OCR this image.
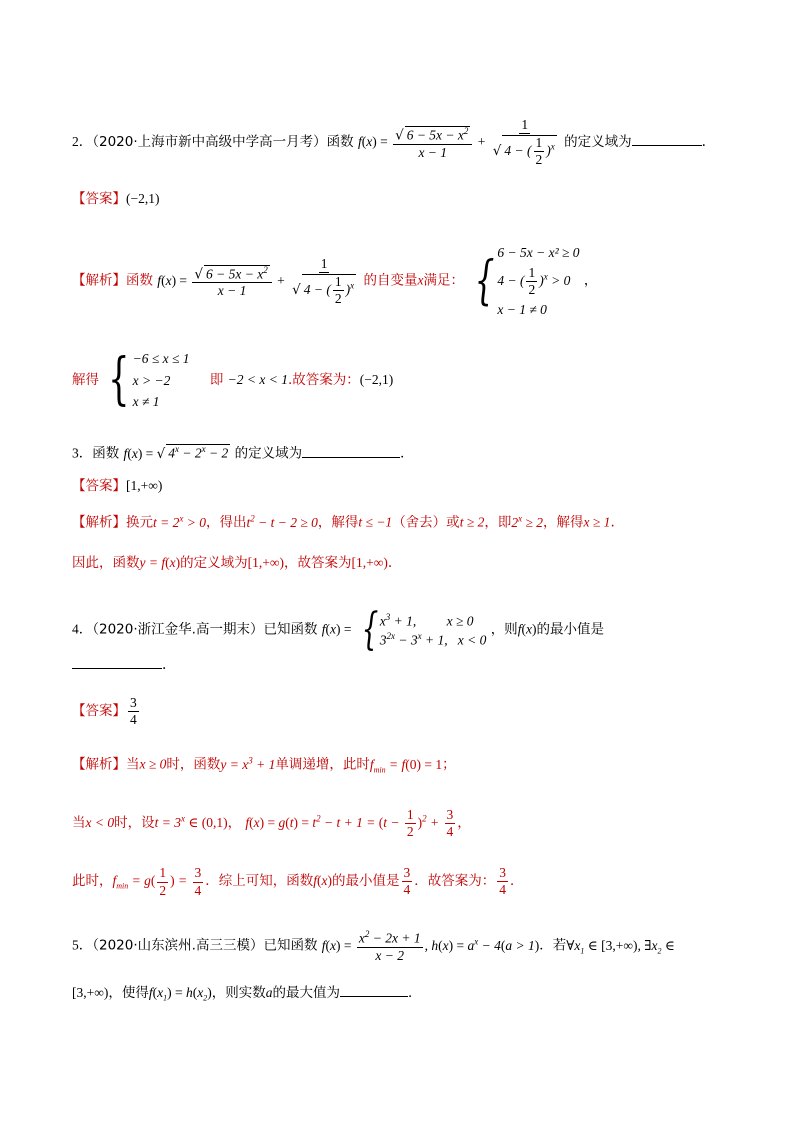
2．（2020·上海市新中高级中学高一月考）函数 $f(x) = \frac{√ 6 - 5x - x^2}{x - 1} + \frac{1}{√ 4 - ( \frac{1}{2} )^x}$ 的定义域为	.
【答案】(−2,1)
【解析】函数 $f(x) = \frac{√ 6 - 5x - x^2}{x - 1} + \frac{1}{√ 4 - ( \frac{1}{2} )^x}$ 的自变量x满足： { 6 − 5x − x² ≥ 0
4 − ( $\frac{1}{2} )^x > 0$
x − 1 ≠ 0
，
解得 { −6 ≤ x ≤ 1
x > −2
x ≠ 1
即 −2 < x < 1.故答案为：(−2,1)
3．函数 f(x) = √ $4^x - 2^x - 2$ 的定义域为	．
【答案】[1,+∞)
【解析】换元$t = 2^x > 0$，得出$t^2 - t - 2 \ge 0$，解得t ≤ −1（舍去）或t ≥ 2，即$2^x \ge 2$，解得x ≥ 1.
因此，函数y = f(x)的定义域为[1,+∞)，故答案为[1,+∞).
4．（2020·浙江金华.高一期末）已知函数 f(x) = { $x^3 + 1$,         x ≥ 0
$3^{2x} - 3^x + 1$,   x < 0
，则f(x)的最小值是
.
【答案】 $\frac{3}{4}$
【解析】当x ≥ 0时，函数$y = x^3 + 1$单调递增，此时$f_{min} = f(0) = 1$；
当x < 0时，设$t = 3^x$ ∈ (0,1)， $f(x) = g(t) = t^2 - t + 1 = (t - \frac{1}{2} )^2 + \frac{3}{4}$ ，
此时，$f_{min} = g( \frac{1}{2}$ ) = $\frac{3}{4}$ ．综上可知，函数f(x)的最小值是 $\frac{3}{4}$ ．故答案为： $\frac{3}{4}$ ．
5．（2020·山东滨州.高三三模）已知函数 $f(x) = \frac{x^2 - 2x + 1}{x - 2}$ , $h(x) = a^x - 4(a > 1)$．若$\forall x_1$ ∈ [3,+∞), $\exists x_2$ ∈
[3,+∞)，使得$f(x_1) = h(x_2)$，则实数a的最大值为	．
